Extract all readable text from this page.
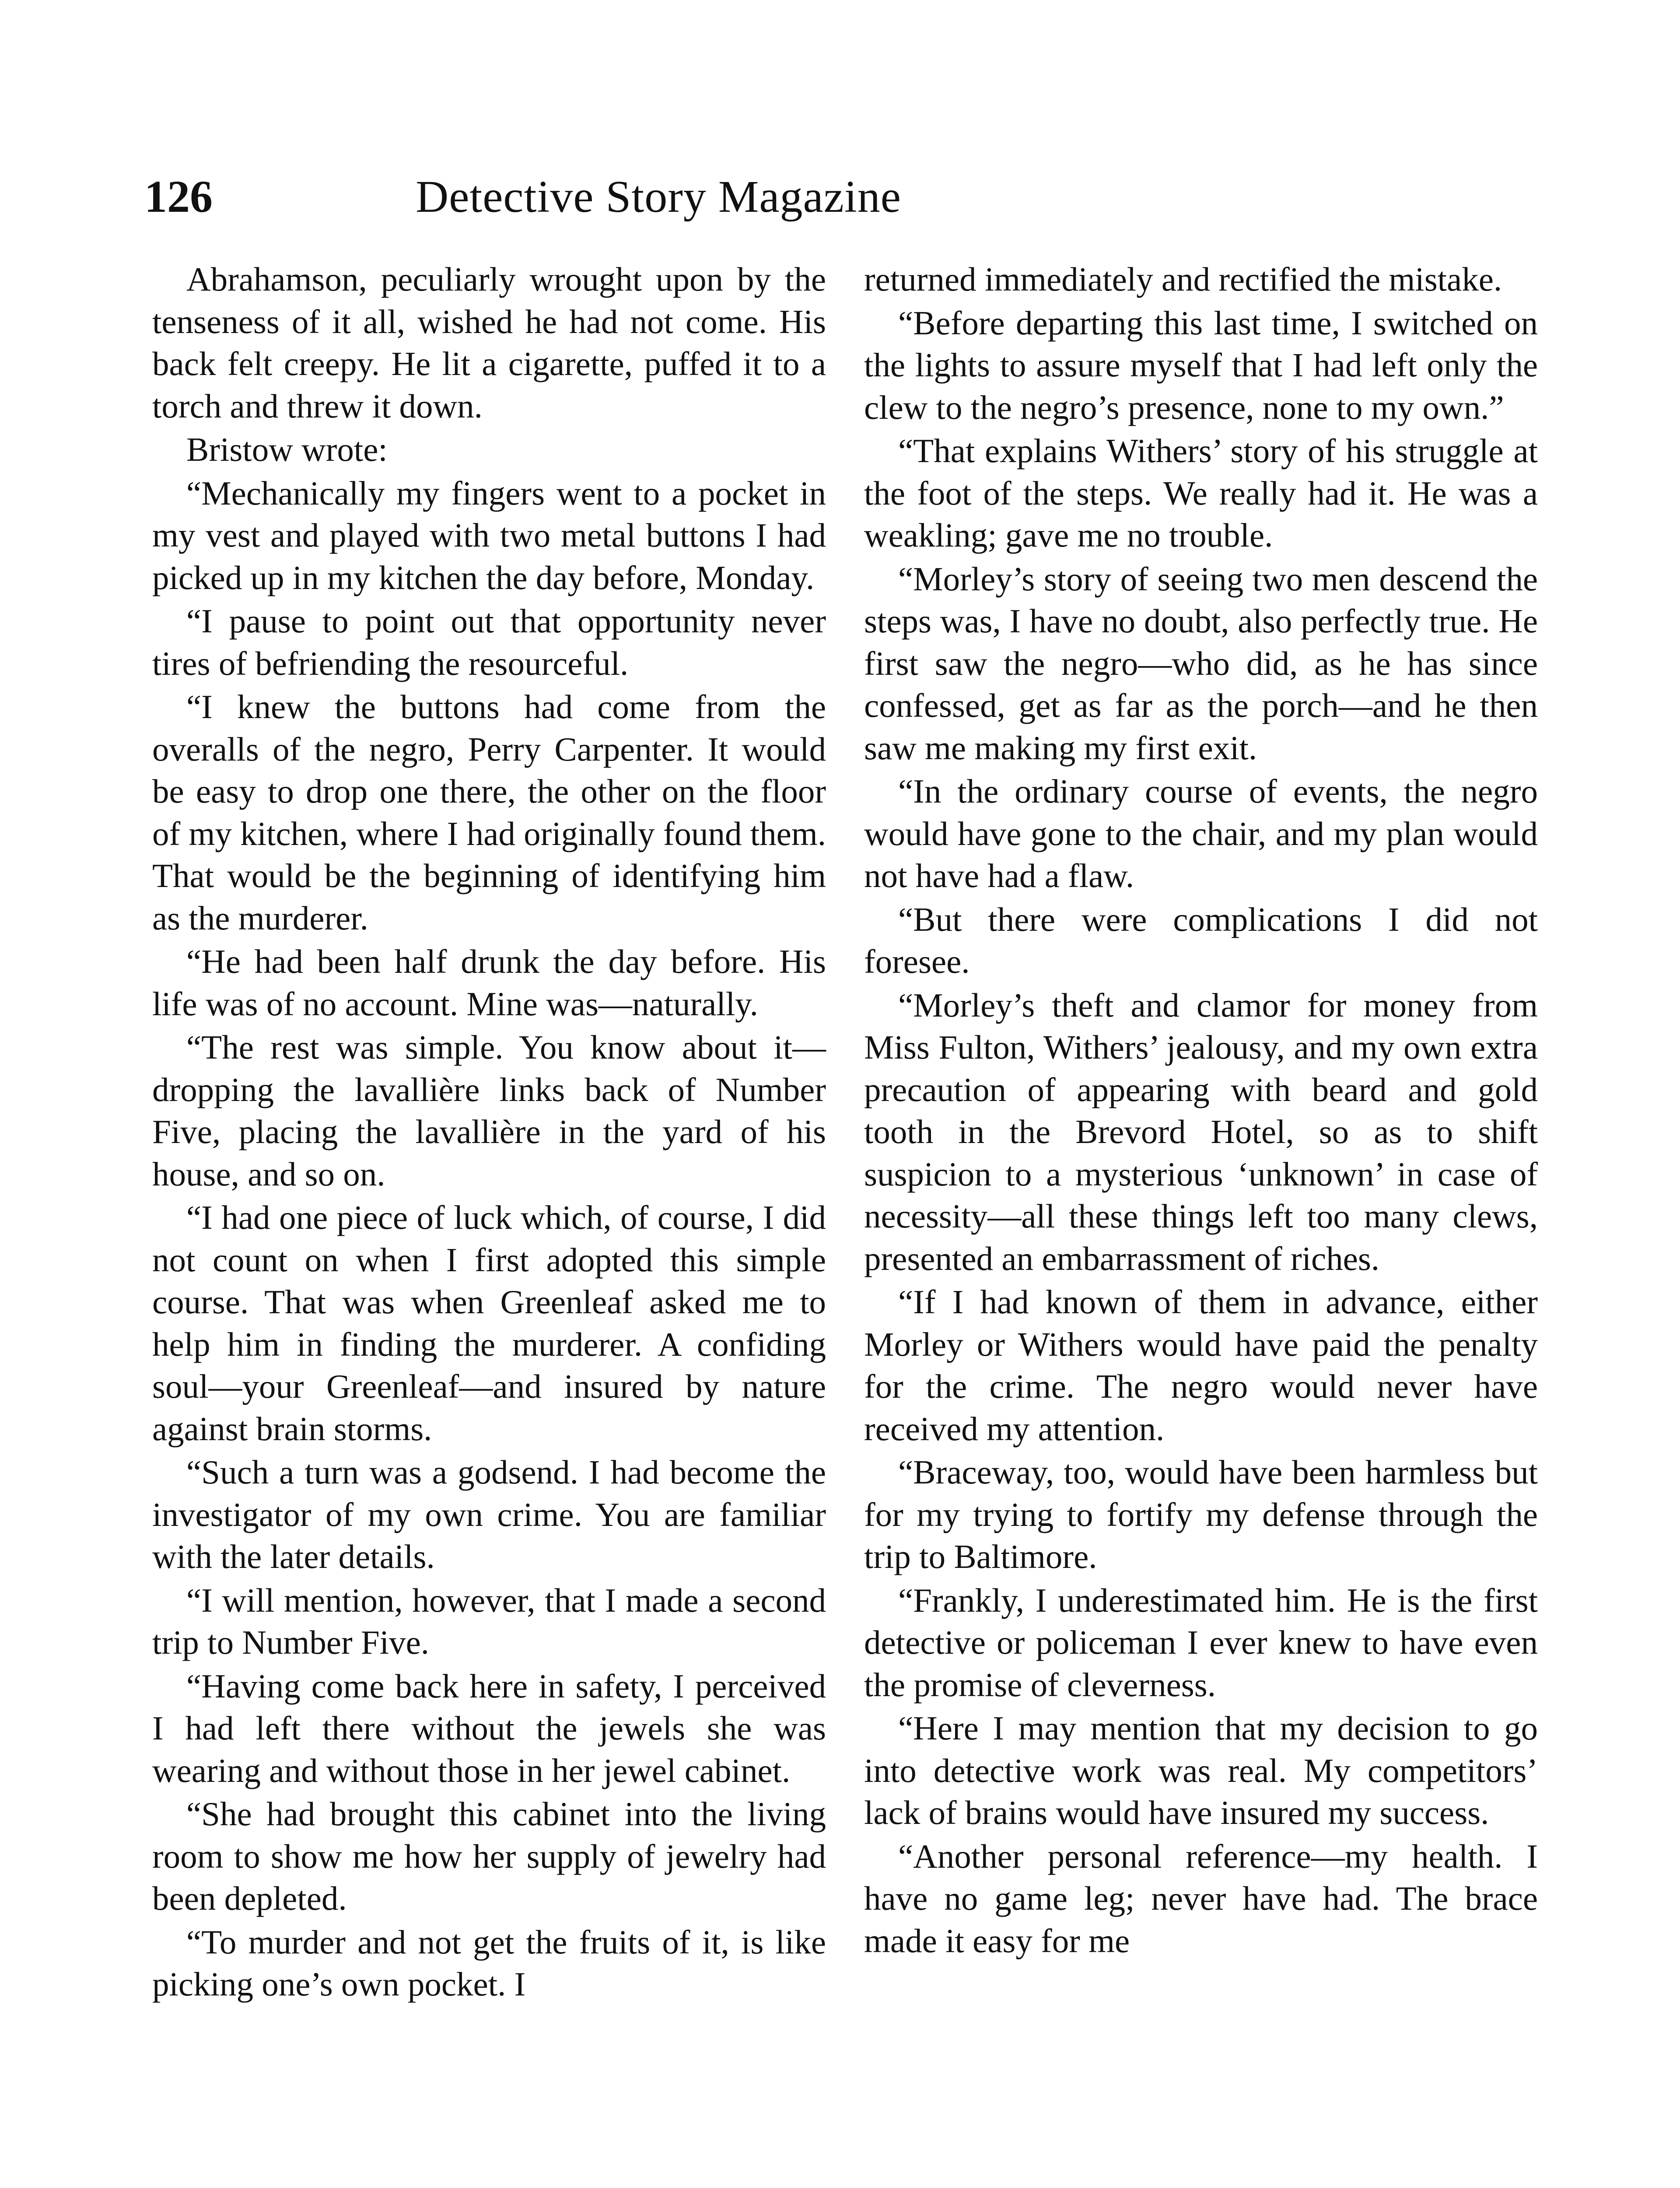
126	Detective Story Magazine

Abrahamson, peculiarly wrought upon by the tenseness of it all, wished he had not come. His back felt creepy. He lit a cigarette, puffed it to a torch and threw it down.

Bristow wrote:

“Mechanically my fingers went to a pocket in my vest and played with two metal buttons I had picked up in my kitchen the day before, Monday.

“I pause to point out that opportunity never tires of befriending the resourceful.

“I knew the buttons had come from the overalls of the negro, Perry Carpenter. It would be easy to drop one there, the other on the floor of my kitchen, where I had originally found them. That would be the beginning of identifying him as the murderer.

“He had been half drunk the day before. His life was of no account. Mine was—naturally.

“The rest was simple. You know about it—dropping the lavallière links back of Number Five, placing the lavallière in the yard of his house, and so on.

“I had one piece of luck which, of course, I did not count on when I first adopted this simple course. That was when Greenleaf asked me to help him in finding the murderer. A confiding soul—your Greenleaf—and insured by nature against brain storms.

“Such a turn was a godsend. I had become the investigator of my own crime. You are familiar with the later details.

“I will mention, however, that I made a second trip to Number Five.

“Having come back here in safety, I perceived I had left there without the jewels she was wearing and without those in her jewel cabinet.

“She had brought this cabinet into the living room to show me how her supply of jewelry had been depleted.

“To murder and not get the fruits of it, is like picking one’s own pocket. I

returned immediately and rectified the mistake.

“Before departing this last time, I switched on the lights to assure myself that I had left only the clew to the negro’s presence, none to my own.”

“That explains Withers’ story of his struggle at the foot of the steps. We really had it. He was a weakling; gave me no trouble.

“Morley’s story of seeing two men descend the steps was, I have no doubt, also perfectly true. He first saw the negro—who did, as he has since confessed, get as far as the porch—and he then saw me making my first exit.

“In the ordinary course of events, the negro would have gone to the chair, and my plan would not have had a flaw.

“But there were complications I did not foresee.

“Morley’s theft and clamor for money from Miss Fulton, Withers’ jealousy, and my own extra precaution of appearing with beard and gold tooth in the Brevord Hotel, so as to shift suspicion to a mysterious ‘unknown’ in case of necessity—all these things left too many clews, presented an embarrassment of riches.

“If I had known of them in advance, either Morley or Withers would have paid the penalty for the crime. The negro would never have received my attention.

“Braceway, too, would have been harmless but for my trying to fortify my defense through the trip to Baltimore.

“Frankly, I underestimated him. He is the first detective or policeman I ever knew to have even the promise of cleverness.

“Here I may mention that my decision to go into detective work was real. My competitors’ lack of brains would have insured my success.

“Another personal reference—my health. I have no game leg; never have had. The brace made it easy for me
